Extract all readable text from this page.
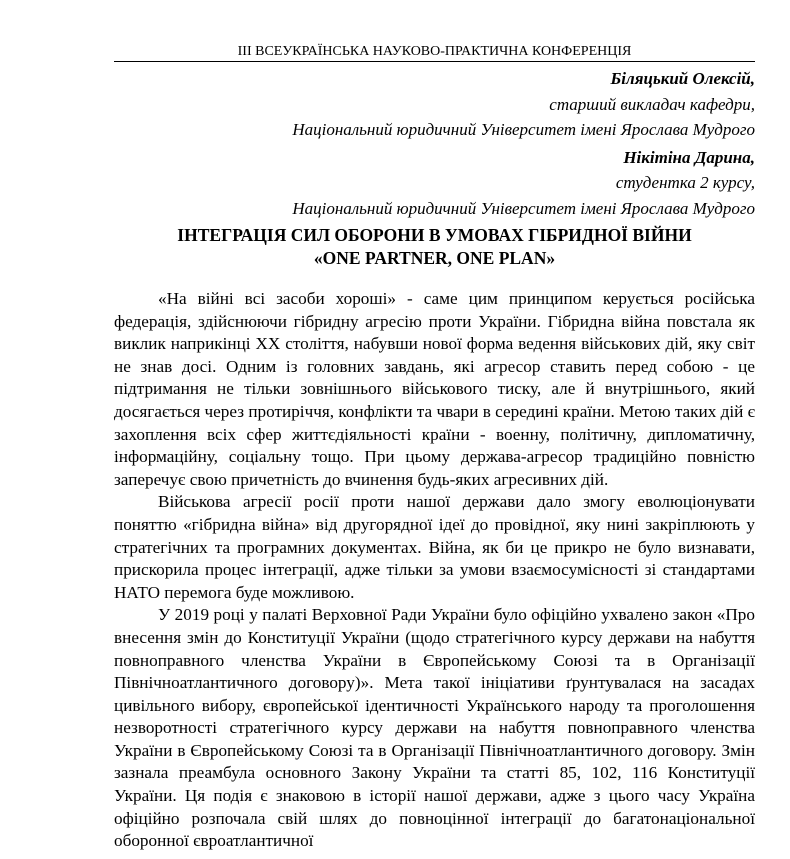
III ВСЕУКРАЇНСЬКА НАУКОВО-ПРАКТИЧНА КОНФЕРЕНЦІЯ
Біляцький Олексій,
старший викладач кафедри,
Національний юридичний Університет імені Ярослава Мудрого
Нікітіна Дарина,
студентка 2 курсу,
Національний юридичний Університет імені Ярослава Мудрого
ІНТЕГРАЦІЯ СИЛ ОБОРОНИ В УМОВАХ ГІБРИДНОЇ ВІЙНИ
«ONE PARTNER, ONE PLAN»

«На війні всі засоби хороші» - саме цим принципом керується російська федерація, здійснюючи гібридну агресію проти України. Гібридна війна повстала як виклик наприкінці XX століття, набувши нової форма ведення військових дій, яку світ не знав досі. Одним із головних завдань, які агресор ставить перед собою - це підтримання не тільки зовнішнього військового тиску, але й внутрішнього, який досягається через протиріччя, конфлікти та чвари в середині країни. Метою таких дій є захоплення всіх сфер життєдіяльності країни - военну, політичну, дипломатичну, інформаційну, соціальну тощо. При цьому держава-агресор традиційно повністю заперечує свою причетність до вчинення будь-яких агресивних дій.

Військова агресії росії проти нашої держави дало змогу еволюціонувати поняттю «гібридна війна» від другорядної ідеї до провідної, яку нині закріплюють у стратегічних та програмних документах. Війна, як би це прикро не було визнавати, прискорила процес інтеграції, адже тільки за умови взаємосумісності зі стандартами НАТО перемога буде можливою.

У 2019 році у палаті Верховної Ради України було офіційно ухвалено закон «Про внесення змін до Конституції України (щодо стратегічного курсу держави на набуття повноправного членства України в Європейському Союзі та в Організації Північноатлантичного договору)». Мета такої ініціативи ґрунтувалася на засадах цивільного вибору, європейської ідентичності Українського народу та проголошення незворотності стратегічного курсу держави на набуття повноправного членства України в Європейському Союзі та в Організації Північноатлантичного договору. Змін зазнала преамбула основного Закону України та статті 85, 102, 116 Конституції України. Ця подія є знаковою в історії нашої держави, адже з цього часу Україна офіційно розпочала свій шлях до повноцінної інтеграції до багатонаціональної оборонної євроатлантичної
